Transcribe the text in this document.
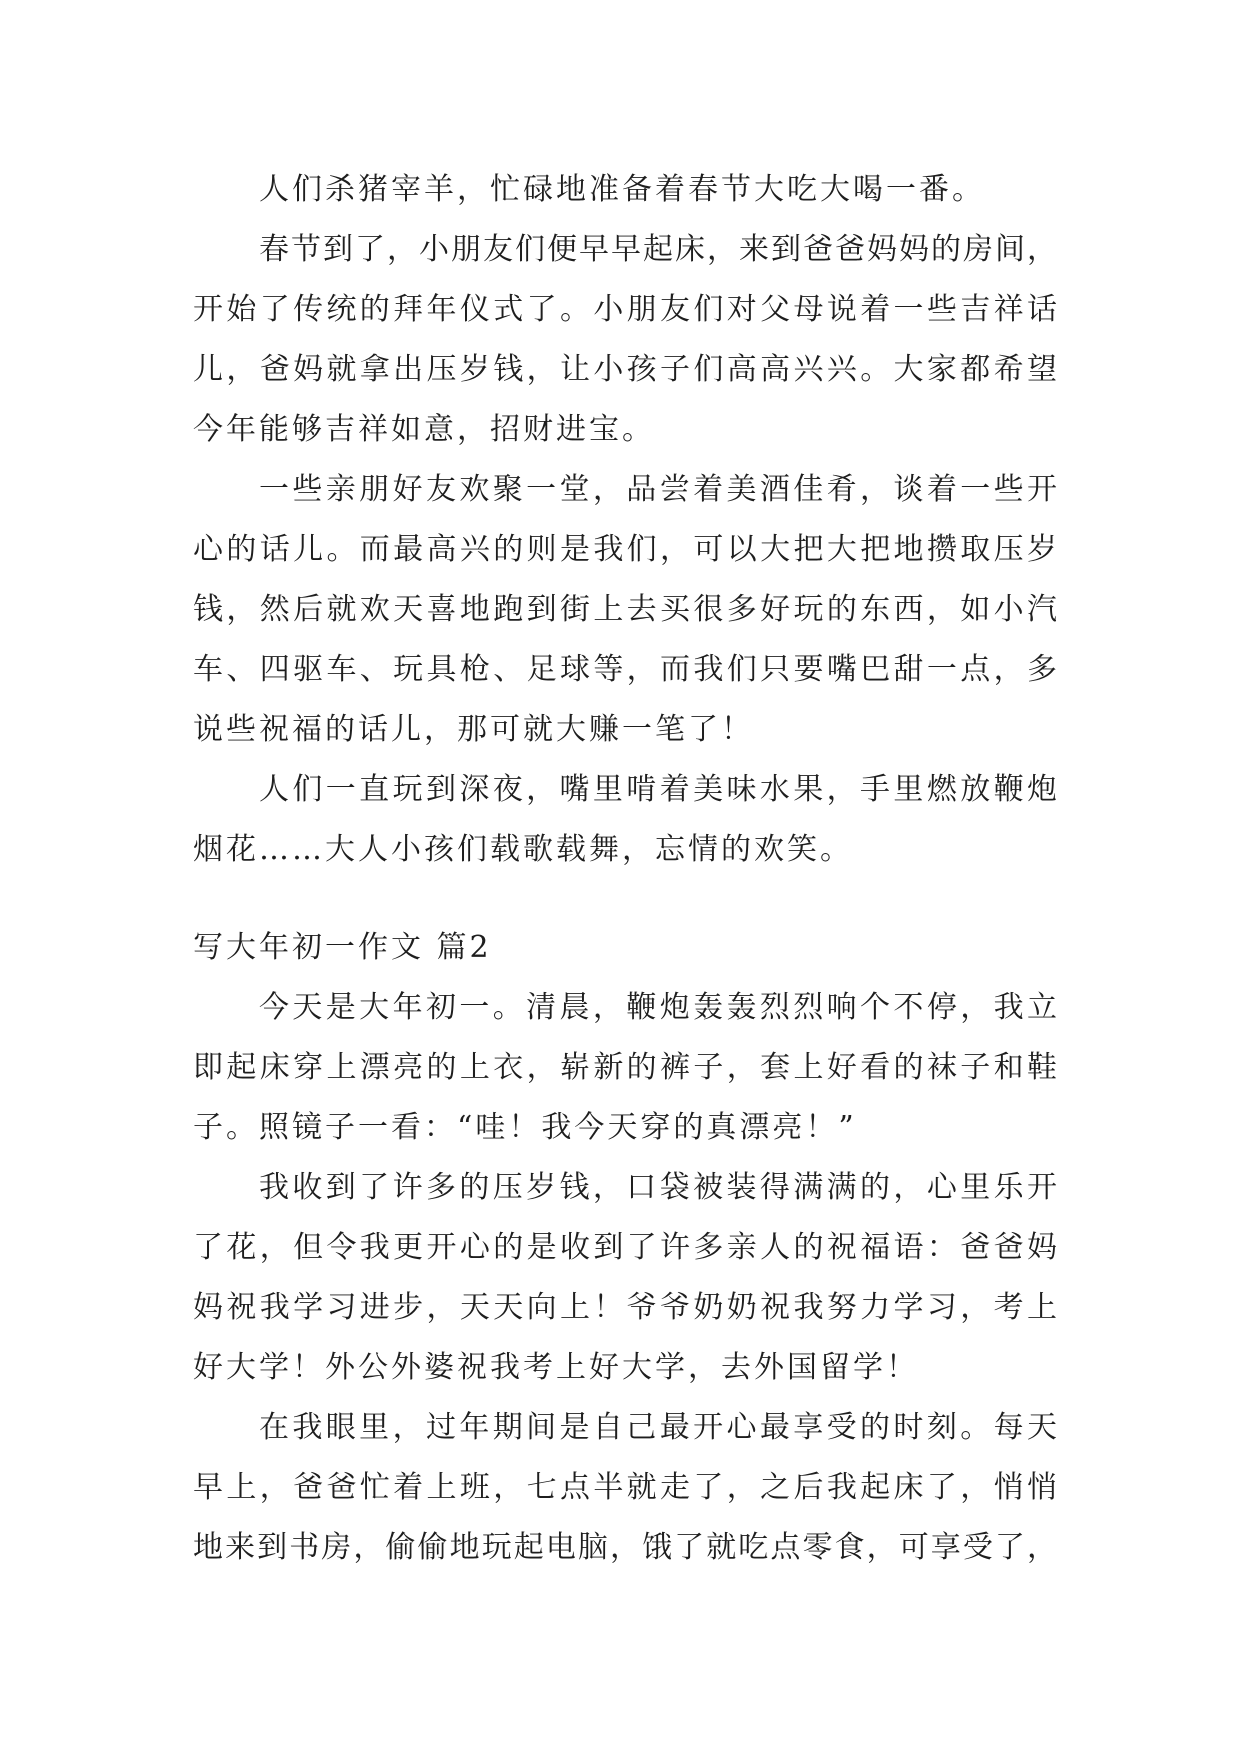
人们杀猪宰羊，忙碌地准备着春节大吃大喝一番。
春节到了，小朋友们便早早起床，来到爸爸妈妈的房间，
开始了传统的拜年仪式了。小朋友们对父母说着一些吉祥话
儿，爸妈就拿出压岁钱，让小孩子们高高兴兴。大家都希望
今年能够吉祥如意，招财进宝。
一些亲朋好友欢聚一堂，品尝着美酒佳肴，谈着一些开
心的话儿。而最高兴的则是我们，可以大把大把地攒取压岁
钱，然后就欢天喜地跑到街上去买很多好玩的东西，如小汽
车、四驱车、玩具枪、足球等，而我们只要嘴巴甜一点，多
说些祝福的话儿，那可就大赚一笔了！
人们一直玩到深夜，嘴里啃着美味水果，手里燃放鞭炮
烟花……大人小孩们载歌载舞，忘情的欢笑。
写大年初一作文 篇2
今天是大年初一。清晨，鞭炮轰轰烈烈响个不停，我立
即起床穿上漂亮的上衣，崭新的裤子，套上好看的袜子和鞋
子。照镜子一看：“哇！我今天穿的真漂亮！”
我收到了许多的压岁钱，口袋被装得满满的，心里乐开
了花，但令我更开心的是收到了许多亲人的祝福语：爸爸妈
妈祝我学习进步，天天向上！爷爷奶奶祝我努力学习，考上
好大学！外公外婆祝我考上好大学，去外国留学！
在我眼里，过年期间是自己最开心最享受的时刻。每天
早上，爸爸忙着上班，七点半就走了，之后我起床了，悄悄
地来到书房，偷偷地玩起电脑，饿了就吃点零食，可享受了，
